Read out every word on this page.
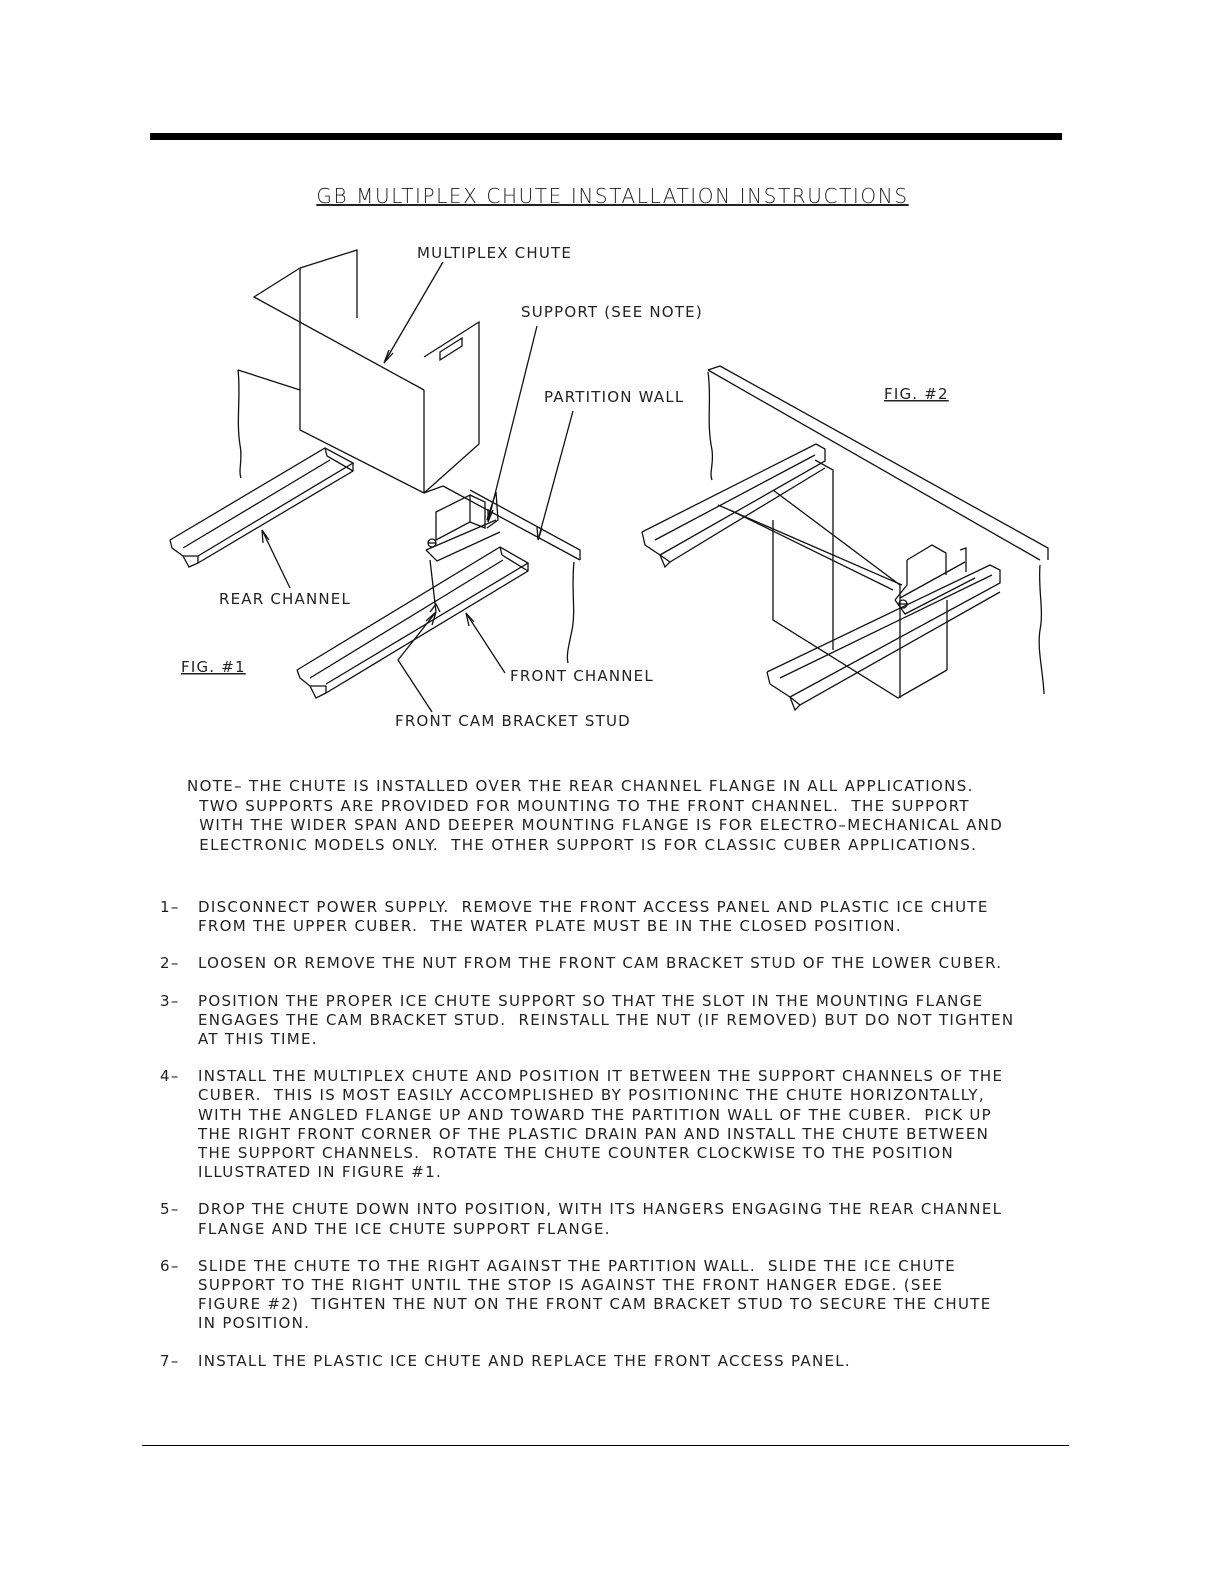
GB MULTIPLEX CHUTE INSTALLATION INSTRUCTIONS
MULTIPLEX CHUTE
SUPPORT (SEE NOTE)
PARTITION WALL
REAR CHANNEL
FRONT CHANNEL
FRONT CAM BRACKET STUD
FIG. #1
FIG. #2
NOTE– THE CHUTE IS INSTALLED OVER THE REAR CHANNEL FLANGE IN ALL APPLICATIONS.
TWO SUPPORTS ARE PROVIDED FOR MOUNTING TO THE FRONT CHANNEL.  THE SUPPORT
WITH THE WIDER SPAN AND DEEPER MOUNTING FLANGE IS FOR ELECTRO–MECHANICAL AND
ELECTRONIC MODELS ONLY.  THE OTHER SUPPORT IS FOR CLASSIC CUBER APPLICATIONS.
1–	DISCONNECT POWER SUPPLY.  REMOVE THE FRONT ACCESS PANEL AND PLASTIC ICE CHUTE
FROM THE UPPER CUBER.  THE WATER PLATE MUST BE IN THE CLOSED POSITION.
2–	LOOSEN OR REMOVE THE NUT FROM THE FRONT CAM BRACKET STUD OF THE LOWER CUBER.
3–	POSITION THE PROPER ICE CHUTE SUPPORT SO THAT THE SLOT IN THE MOUNTING FLANGE
ENGAGES THE CAM BRACKET STUD.  REINSTALL THE NUT (IF REMOVED) BUT DO NOT TIGHTEN
AT THIS TIME.
4–	INSTALL THE MULTIPLEX CHUTE AND POSITION IT BETWEEN THE SUPPORT CHANNELS OF THE
CUBER.  THIS IS MOST EASILY ACCOMPLISHED BY POSITIONINC THE CHUTE HORIZONTALLY,
WITH THE ANGLED FLANGE UP AND TOWARD THE PARTITION WALL OF THE CUBER.  PICK UP
THE RIGHT FRONT CORNER OF THE PLASTIC DRAIN PAN AND INSTALL THE CHUTE BETWEEN
THE SUPPORT CHANNELS.  ROTATE THE CHUTE COUNTER CLOCKWISE TO THE POSITION
ILLUSTRATED IN FIGURE #1.
5–	DROP THE CHUTE DOWN INTO POSITION, WITH ITS HANGERS ENGAGING THE REAR CHANNEL
FLANGE AND THE ICE CHUTE SUPPORT FLANGE.
6–	SLIDE THE CHUTE TO THE RIGHT AGAINST THE PARTITION WALL.  SLIDE THE ICE CHUTE
SUPPORT TO THE RIGHT UNTIL THE STOP IS AGAINST THE FRONT HANGER EDGE. (SEE
FIGURE #2)  TIGHTEN THE NUT ON THE FRONT CAM BRACKET STUD TO SECURE THE CHUTE
IN POSITION.
7–	INSTALL THE PLASTIC ICE CHUTE AND REPLACE THE FRONT ACCESS PANEL.
